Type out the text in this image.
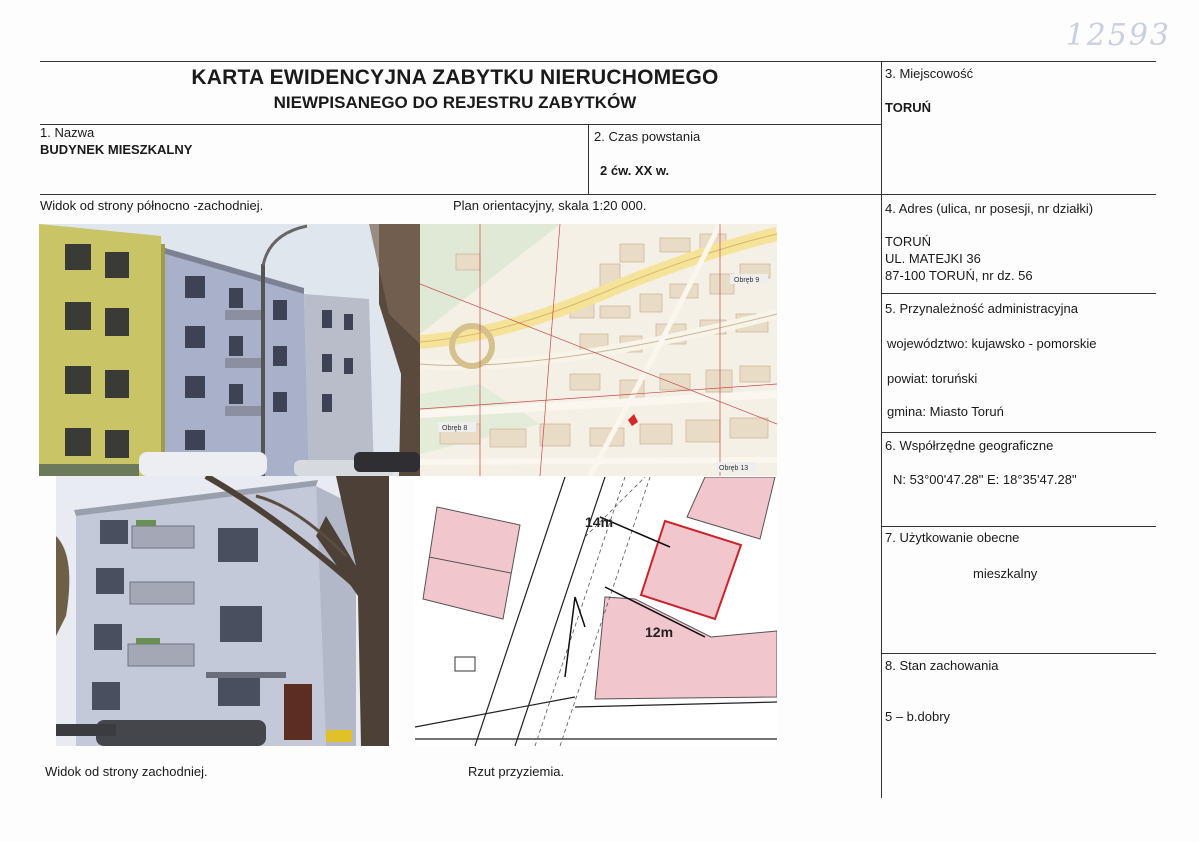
12593
KARTA EWIDENCYJNA ZABYTKU NIERUCHOMEGO
NIEWPISANEGO DO REJESTRU ZABYTKÓW
1. Nazwa
BUDYNEK MIESZKALNY
2. Czas powstania
2 ćw. XX w.
3. Miejscowość
TORUŃ
4. Adres (ulica, nr posesji, nr działki)
TORUŃ
UL. MATEJKI 36
87-100 TORUŃ, nr dz. 56
5. Przynależność administracyjna
województwo: kujawsko - pomorskie
powiat: toruński
gmina: Miasto Toruń
6. Współrzędne geograficzne
N: 53°00'47.28" E: 18°35'47.28"
7. Użytkowanie obecne
mieszkalny
8. Stan zachowania
5 – b.dobry
Widok od strony północno -zachodniej.	Plan orientacyjny, skala 1:20 000.
Widok od strony zachodniej.	Rzut przyziemia.
Obręb 9
Obręb 8
Obręb 13
14m
12m
